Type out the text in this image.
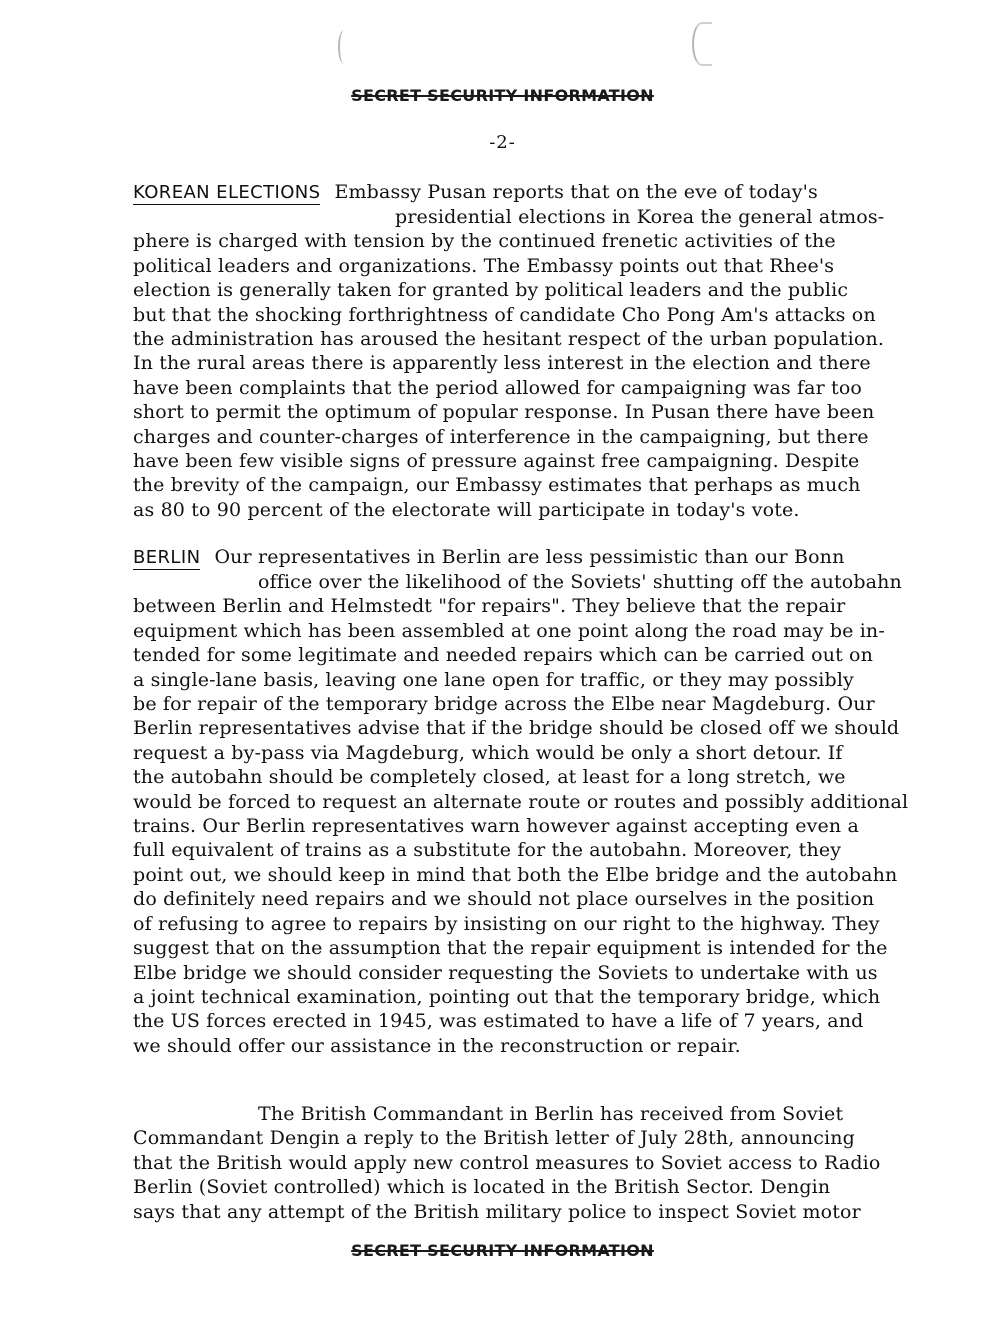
SECRET SECURITY INFORMATION
-2-
KOREAN ELECTIONS Embassy Pusan reports that on the eve of today's
presidential elections in Korea the general atmos-
phere is charged with tension by the continued frenetic activities of the
political leaders and organizations. The Embassy points out that Rhee's
election is generally taken for granted by political leaders and the public
but that the shocking forthrightness of candidate Cho Pong Am's attacks on
the administration has aroused the hesitant respect of the urban population.
In the rural areas there is apparently less interest in the election and there
have been complaints that the period allowed for campaigning was far too
short to permit the optimum of popular response. In Pusan there have been
charges and counter-charges of interference in the campaigning, but there
have been few visible signs of pressure against free campaigning. Despite
the brevity of the campaign, our Embassy estimates that perhaps as much
as 80 to 90 percent of the electorate will participate in today's vote.
BERLIN Our representatives in Berlin are less pessimistic than our Bonn
office over the likelihood of the Soviets' shutting off the autobahn
between Berlin and Helmstedt "for repairs". They believe that the repair
equipment which has been assembled at one point along the road may be in-
tended for some legitimate and needed repairs which can be carried out on
a single-lane basis, leaving one lane open for traffic, or they may possibly
be for repair of the temporary bridge across the Elbe near Magdeburg. Our
Berlin representatives advise that if the bridge should be closed off we should
request a by-pass via Magdeburg, which would be only a short detour. If
the autobahn should be completely closed, at least for a long stretch, we
would be forced to request an alternate route or routes and possibly additional
trains. Our Berlin representatives warn however against accepting even a
full equivalent of trains as a substitute for the autobahn. Moreover, they
point out, we should keep in mind that both the Elbe bridge and the autobahn
do definitely need repairs and we should not place ourselves in the position
of refusing to agree to repairs by insisting on our right to the highway. They
suggest that on the assumption that the repair equipment is intended for the
Elbe bridge we should consider requesting the Soviets to undertake with us
a joint technical examination, pointing out that the temporary bridge, which
the US forces erected in 1945, was estimated to have a life of 7 years, and
we should offer our assistance in the reconstruction or repair.
The British Commandant in Berlin has received from Soviet
Commandant Dengin a reply to the British letter of July 28th, announcing
that the British would apply new control measures to Soviet access to Radio
Berlin (Soviet controlled) which is located in the British Sector. Dengin
says that any attempt of the British military police to inspect Soviet motor
SECRET SECURITY INFORMATION
